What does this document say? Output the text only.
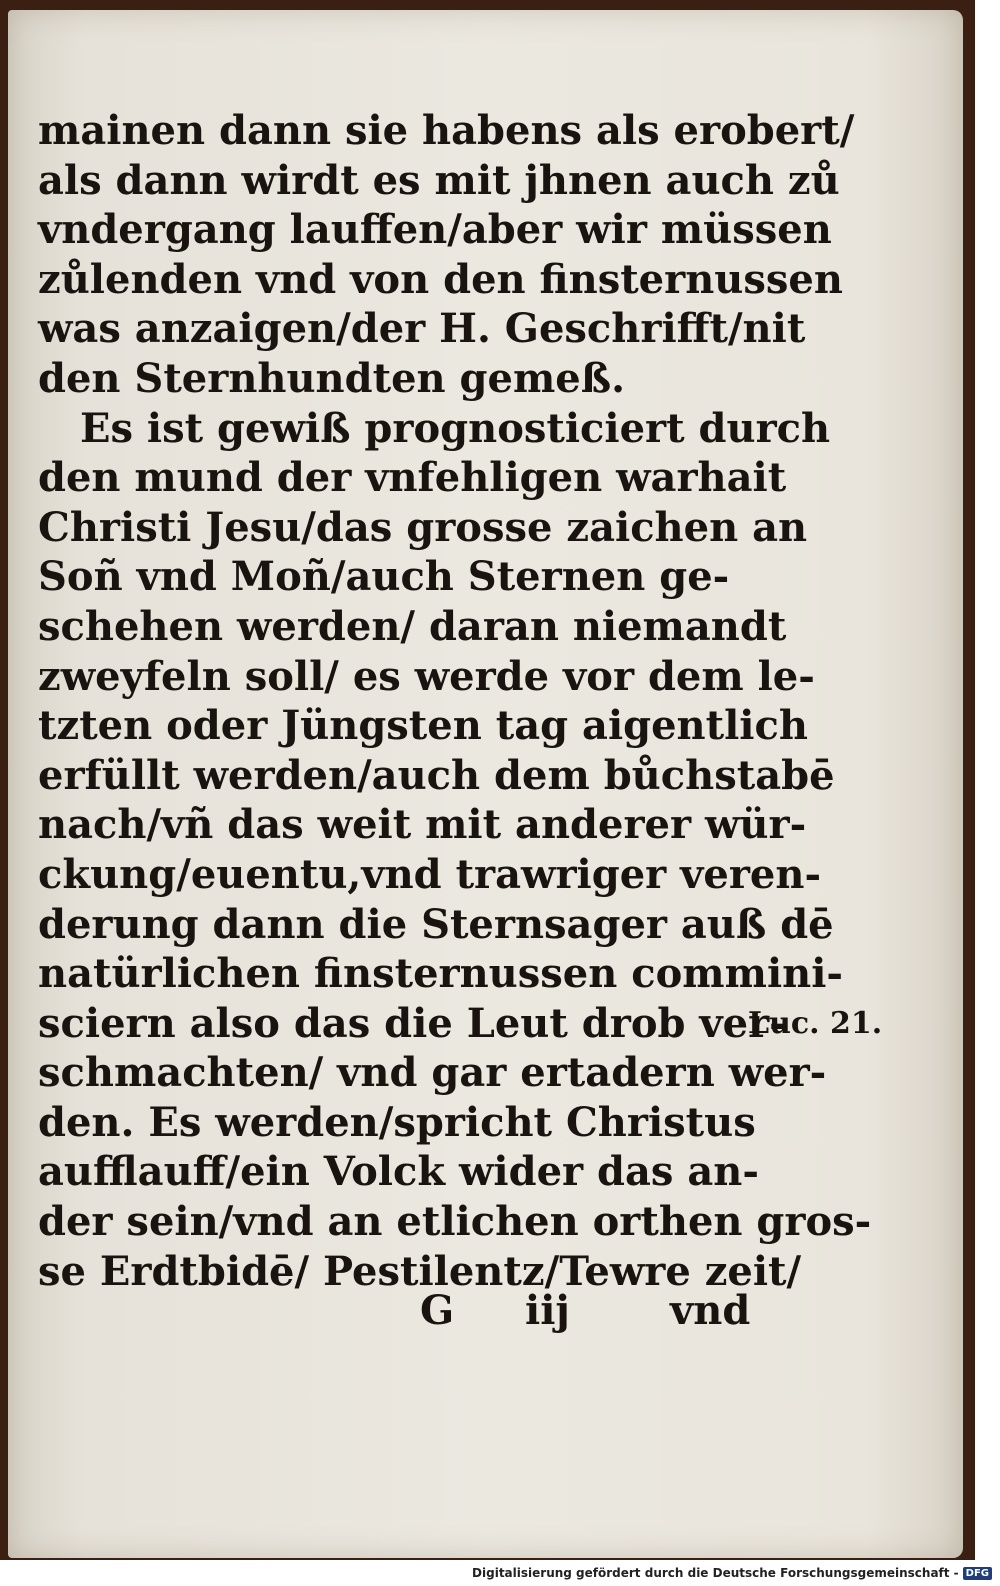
mainen dann sie habens als erobert/
als dann wirdt es mit jhnen auch zů
vndergang lauffen/aber wir müssen
zůlenden vnd von den finsternussen
was anzaigen/der H. Geschrifft/nit
den Sternhundten gemeß.
Es ist gewiß prognosticiert durch
den mund der vnfehligen warhait
Christi Jesu/das grosse zaichen an
Soñ vnd Moñ/auch Sternen ge-
schehen werden/ daran niemandt
zweyfeln soll/ es werde vor dem le-
tzten oder Jüngsten tag aigentlich
erfüllt werden/auch dem bůchstabē
nach/vñ das weit mit anderer wür-
ckung/euentu,vnd trawriger veren-
derung dann die Sternsager auß dē
natürlichen finsternussen commini-
sciern also das die Leut drob ver-
schmachten/ vnd gar ertadern wer-
den. Es werden/spricht Christus
aufflauff/ein Volck wider das an-
der sein/vnd an etlichen orthen gros-
se Erdtbidē/ Pestilentz/Tewre zeit/
Luc. 21.
G iij	vnd
Digitalisierung gefördert durch die Deutsche Forschungsgemeinschaft - DFG
